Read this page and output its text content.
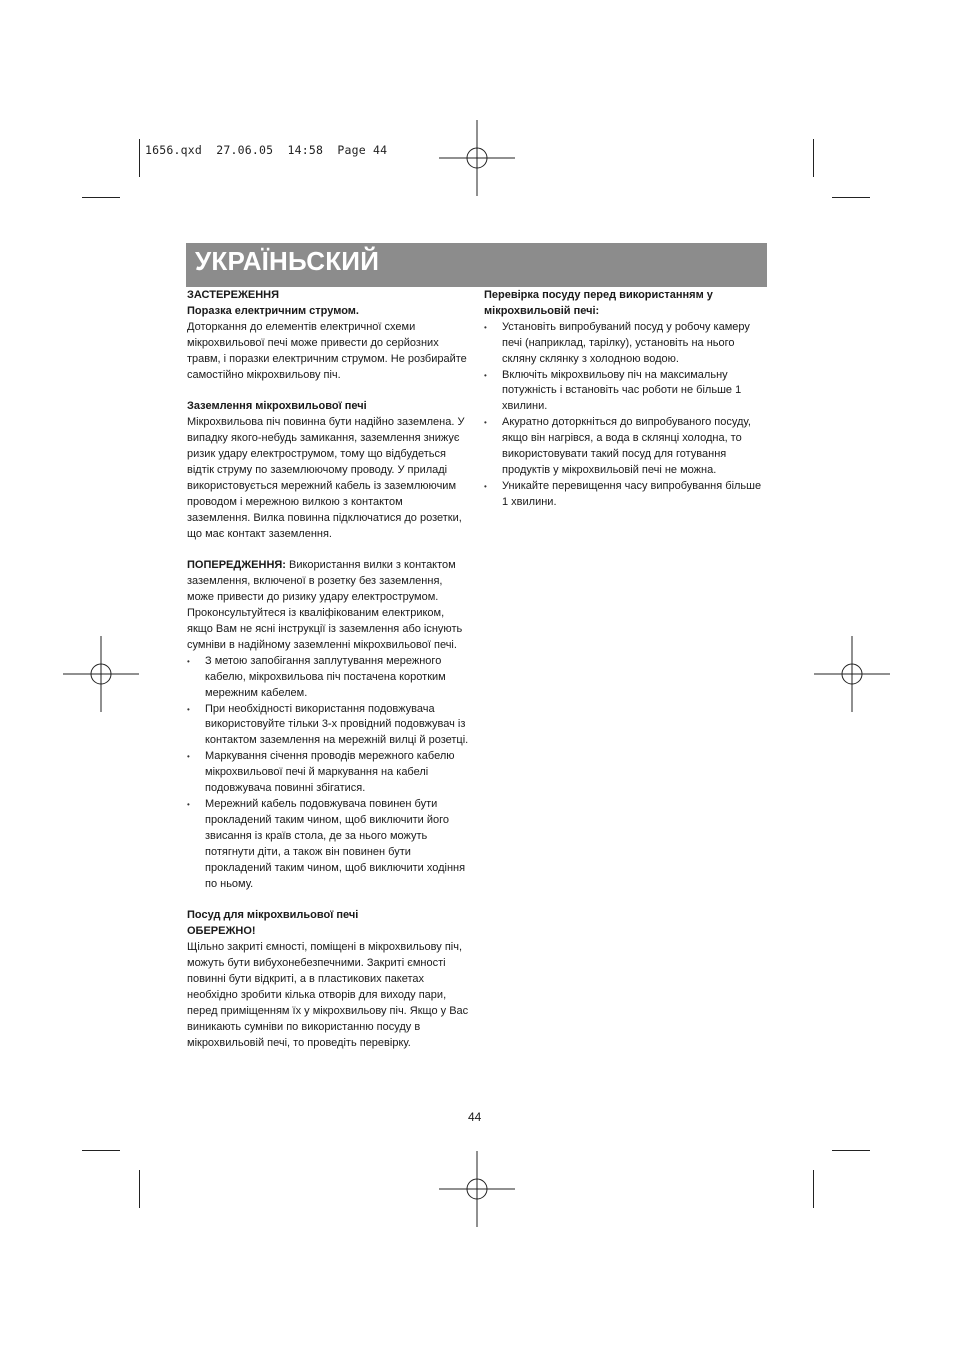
1656.qxd  27.06.05  14:58  Page 44
УКРАЇНЬСКИЙ

ЗАСТЕРЕЖЕННЯ

Поразка електричним струмом.

Доторкання до елементів електричної схеми мікрохвильової печі може привести до серйозних травм, і поразки електричним струмом. Не розбирайте самостійно мікрохвильову піч.

Заземлення мікрохвильової печі

Мікрохвильова піч повинна бути надійно заземлена. У випадку якого-небудь замикання, заземлення знижує ризик удару електрострумом, тому що відбудеться відтік струму по заземлюючому проводу. У приладі використовується мережний кабель із заземлюючим проводом і мережною вилкою з контактом заземлення. Вилка повинна підключатися до розетки, що має контакт заземлення.

ПОПЕРЕДЖЕННЯ: Використання вилки з контактом заземлення, включеної в розетку без заземлення, може привести до ризику удару електрострумом. Проконсультуйтеся із кваліфікованим електриком, якщо Вам не ясні інструкції із заземлення або існують сумніви в надійному заземленні мікрохвильової печі.

• З метою запобігання заплутування мережного кабелю, мікрохвильова піч постачена коротким мережним кабелем.
• При необхідності використання подовжувача використовуйте тільки 3-х провідний подовжувач із контактом заземлення на мережній вилці й розетці.
• Маркування січення проводів мережного кабелю мікрохвильової печі й маркування на кабелі подовжувача повинні збігатися.
• Мережний кабель подовжувача повинен бути прокладений таким чином, щоб виключити його звисання із країв стола, де за нього можуть потягнути діти, а також він повинен бути прокладений таким чином, щоб виключити ходіння по ньому.

Посуд для мікрохвильової печі

ОБЕРЕЖНО!

Щільно закриті ємності, поміщені в мікрохвильову піч, можуть бути вибухонебезпечними. Закриті ємності повинні бути відкриті, а в пластикових пакетах необхідно зробити кілька отворів для виходу пари, перед приміщенням їх у мікрохвильову піч. Якщо у Вас виникають сумніви по використанню посуду в мікрохвильовій печі, то проведіть перевірку.

Перевірка посуду перед використанням у мікрохвильовій печі:

• Установіть випробуваний посуд у робочу камеру печі (наприклад, тарілку), установіть на нього скляну склянку з холодною водою.
• Включіть мікрохвильову піч на максимальну потужність і встановіть час роботи не більше 1 хвилини.
• Акуратно доторкніться до випробуваного посуду, якщо він нагрівся, а вода в склянці холодна, то використовувати такий посуд для готування продуктів у мікрохвильовій печі не можна.
• Уникайте перевищення часу випробування більше 1 хвилини.
44
